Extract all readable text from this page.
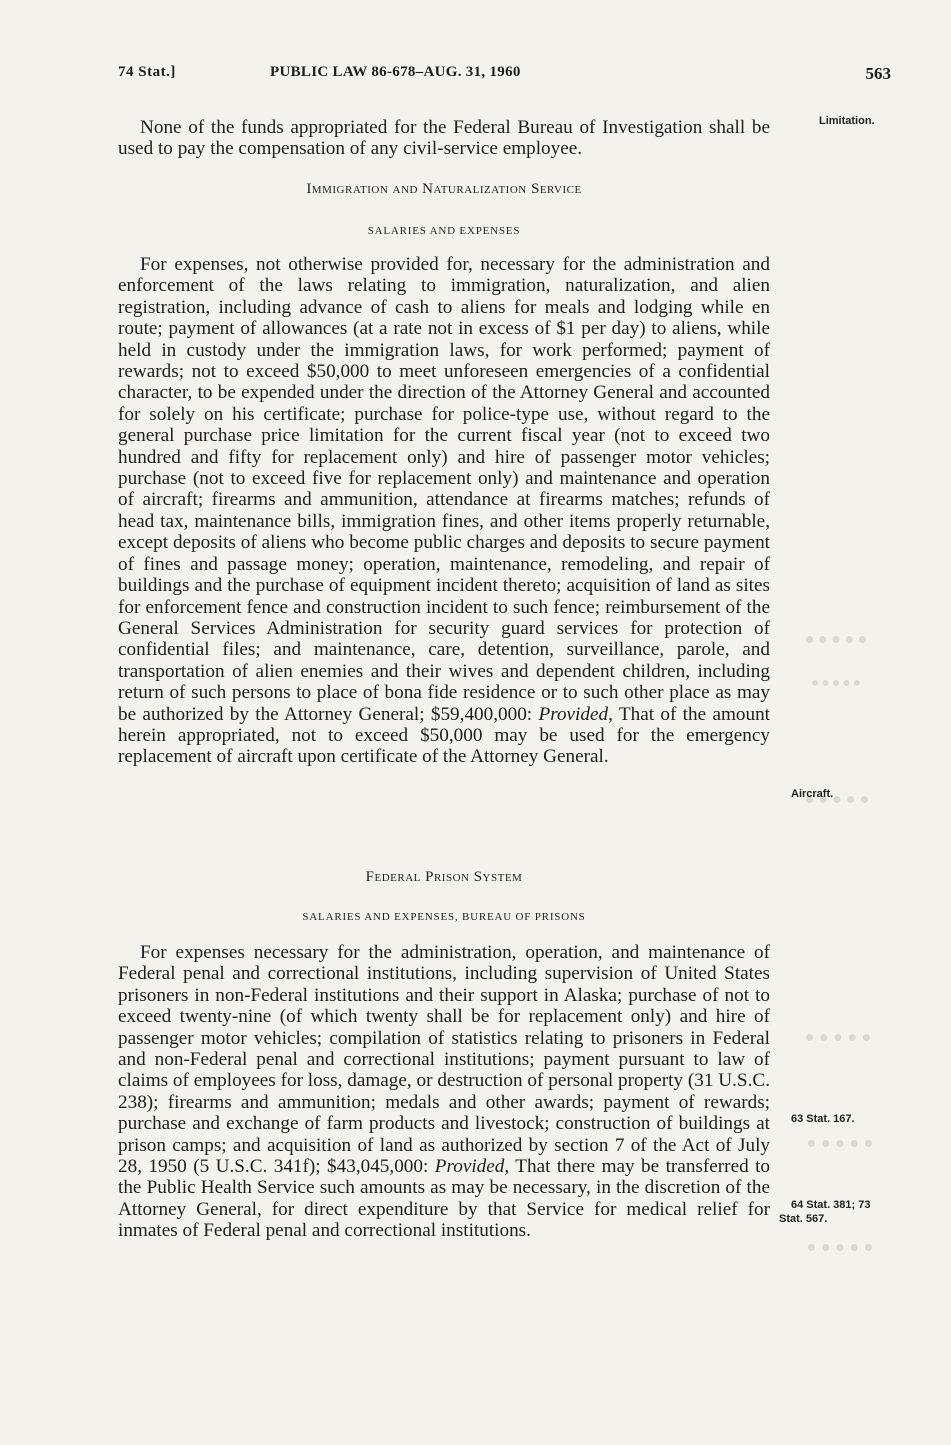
74 Stat.]	PUBLIC LAW 86-678–AUG. 31, 1960	563
Limitation.
Aircraft.
63 Stat. 167.
64 Stat. 381; 73
Stat. 567.

None of the funds appropriated for the Federal Bureau of Investigation shall be used to pay the compensation of any civil-service employee.

Immigration and Naturalization Service
SALARIES AND EXPENSES

For expenses, not otherwise provided for, necessary for the administration and enforcement of the laws relating to immigration, naturalization, and alien registration, including advance of cash to aliens for meals and lodging while en route; payment of allowances (at a rate not in excess of $1 per day) to aliens, while held in custody under the immigration laws, for work performed; payment of rewards; not to exceed $50,000 to meet unforeseen emergencies of a confidential character, to be expended under the direction of the Attorney General and accounted for solely on his certificate; purchase for police-type use, without regard to the general purchase price limitation for the current fiscal year (not to exceed two hundred and fifty for replacement only) and hire of passenger motor vehicles; purchase (not to exceed five for replacement only) and maintenance and operation of aircraft; firearms and ammunition, attendance at firearms matches; refunds of head tax, maintenance bills, immigration fines, and other items properly returnable, except deposits of aliens who become public charges and deposits to secure payment of fines and passage money; operation, maintenance, remodeling, and repair of buildings and the purchase of equipment incident thereto; acquisition of land as sites for enforcement fence and construction incident to such fence; reimbursement of the General Services Administration for security guard services for protection of confidential files; and maintenance, care, detention, surveillance, parole, and transportation of alien enemies and their wives and dependent children, including return of such persons to place of bona fide residence or to such other place as may be authorized by the Attorney General; $59,400,000: Provided, That of the amount herein appropriated, not to exceed $50,000 may be used for the emergency replacement of aircraft upon certificate of the Attorney General.

Federal Prison System
SALARIES AND EXPENSES, BUREAU OF PRISONS

For expenses necessary for the administration, operation, and maintenance of Federal penal and correctional institutions, including supervision of United States prisoners in non-Federal institutions and their support in Alaska; purchase of not to exceed twenty-nine (of which twenty shall be for replacement only) and hire of passenger motor vehicles; compilation of statistics relating to prisoners in Federal and non-Federal penal and correctional institutions; payment pursuant to law of claims of employees for loss, damage, or destruction of personal property (31 U.S.C. 238); firearms and ammunition; medals and other awards; payment of rewards; purchase and exchange of farm products and livestock; construction of buildings at prison camps; and acquisition of land as authorized by section 7 of the Act of July 28, 1950 (5 U.S.C. 341f); $43,045,000: Provided, That there may be transferred to the Public Health Service such amounts as may be necessary, in the discretion of the Attorney General, for direct expenditure by that Service for medical relief for inmates of Federal penal and correctional institutions.
